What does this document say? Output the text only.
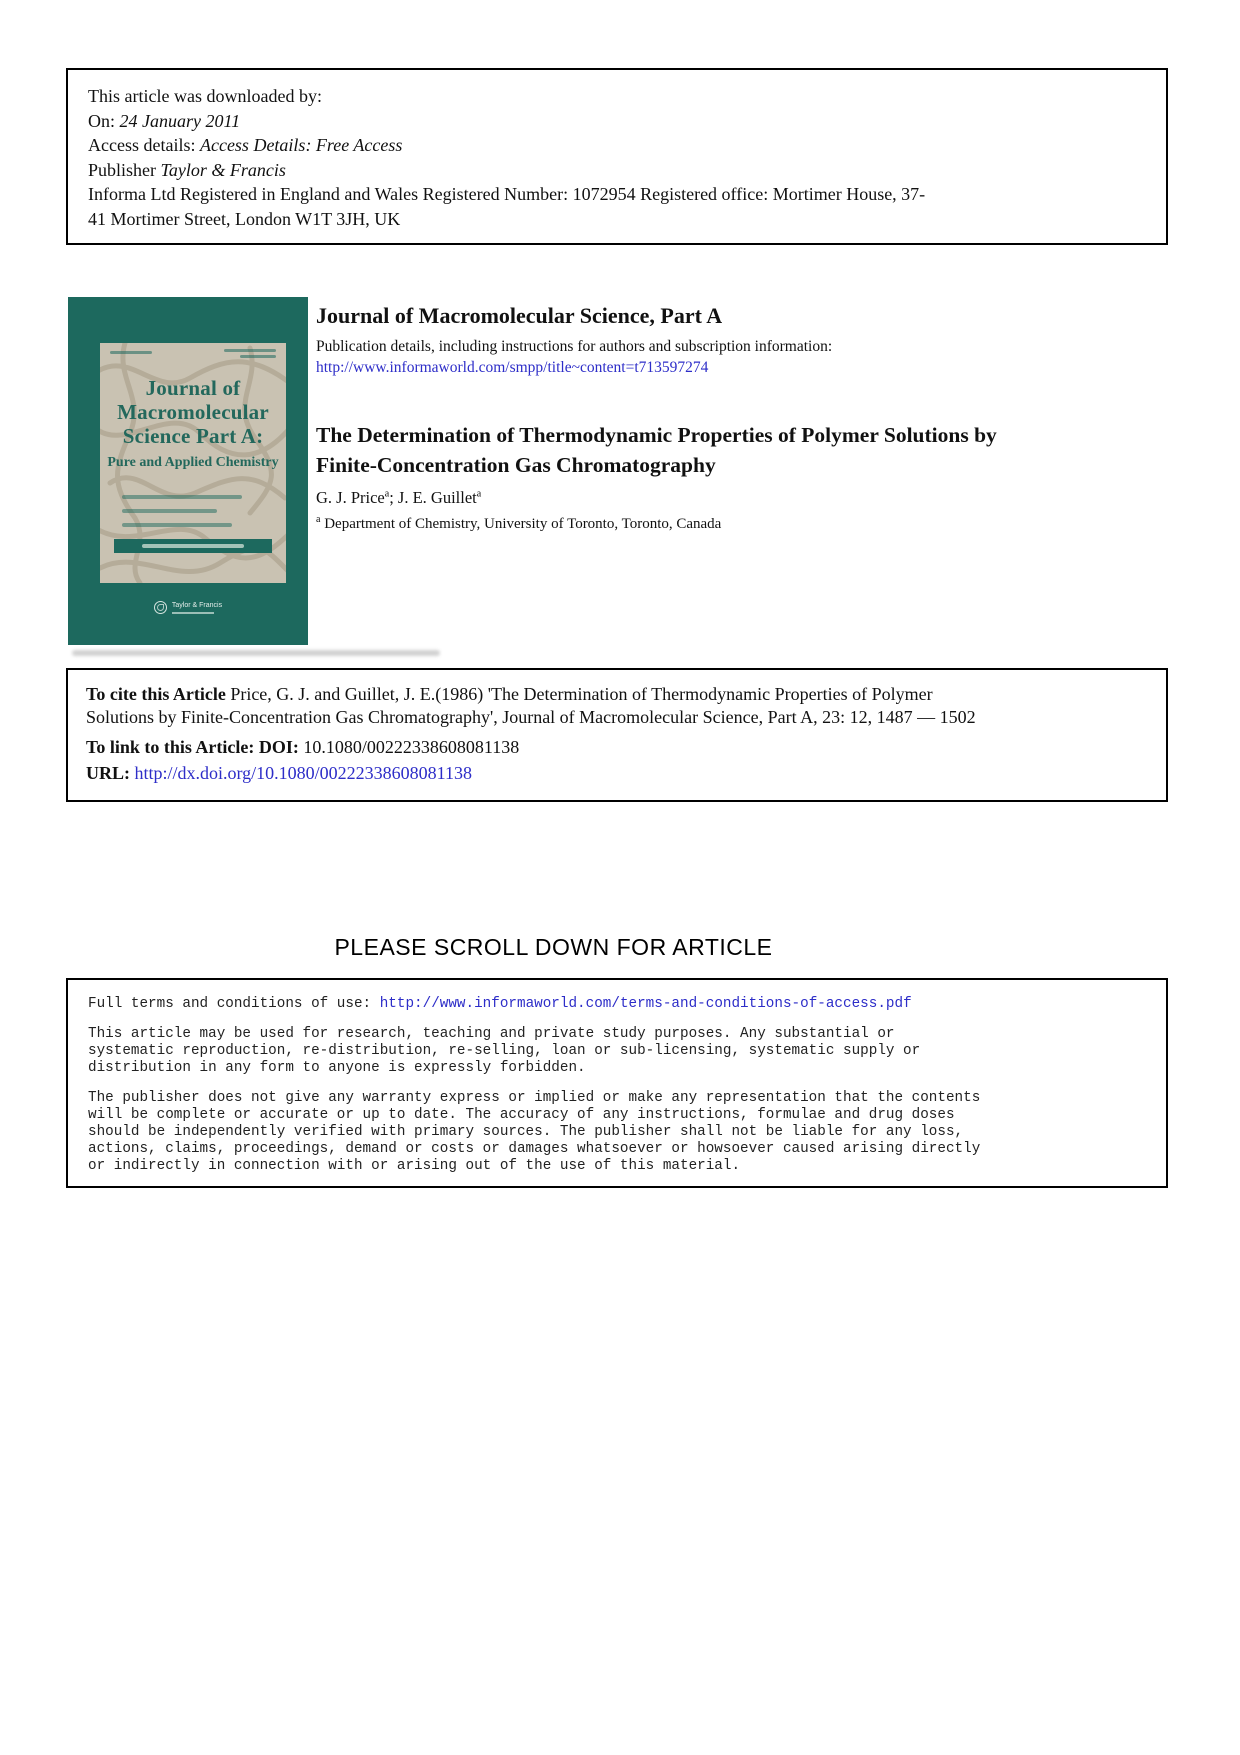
This article was downloaded by:
On: 24 January 2011
Access details: Access Details: Free Access
Publisher Taylor & Francis
Informa Ltd Registered in England and Wales Registered Number: 1072954 Registered office: Mortimer House, 37-
41 Mortimer Street, London W1T 3JH, UK
Journal of
Macromolecular
Science Part A:
Pure and Applied Chemistry
Taylor & Francis
Journal of Macromolecular Science, Part A

Publication details, including instructions for authors and subscription information:

http://www.informaworld.com/smpp/title~content=t713597274

The Determination of Thermodynamic Properties of Polymer Solutions by
Finite-Concentration Gas Chromatography

G. J. Price$^a$; J. E. Guillet$^a$

$^a$ Department of Chemistry, University of Toronto, Toronto, Canada

To cite this Article Price, G. J. and Guillet, J. E.(1986) 'The Determination of Thermodynamic Properties of Polymer
Solutions by Finite-Concentration Gas Chromatography', Journal of Macromolecular Science, Part A, 23: 12, 1487 — 1502
To link to this Article: DOI: 10.1080/00222338608081138
URL: http://dx.doi.org/10.1080/00222338608081138
PLEASE SCROLL DOWN FOR ARTICLE
Full terms and conditions of use: http://www.informaworld.com/terms-and-conditions-of-access.pdf
This article may be used for research, teaching and private study purposes. Any substantial or
systematic reproduction, re-distribution, re-selling, loan or sub-licensing, systematic supply or
distribution in any form to anyone is expressly forbidden.
The publisher does not give any warranty express or implied or make any representation that the contents
will be complete or accurate or up to date. The accuracy of any instructions, formulae and drug doses
should be independently verified with primary sources. The publisher shall not be liable for any loss,
actions, claims, proceedings, demand or costs or damages whatsoever or howsoever caused arising directly
or indirectly in connection with or arising out of the use of this material.
